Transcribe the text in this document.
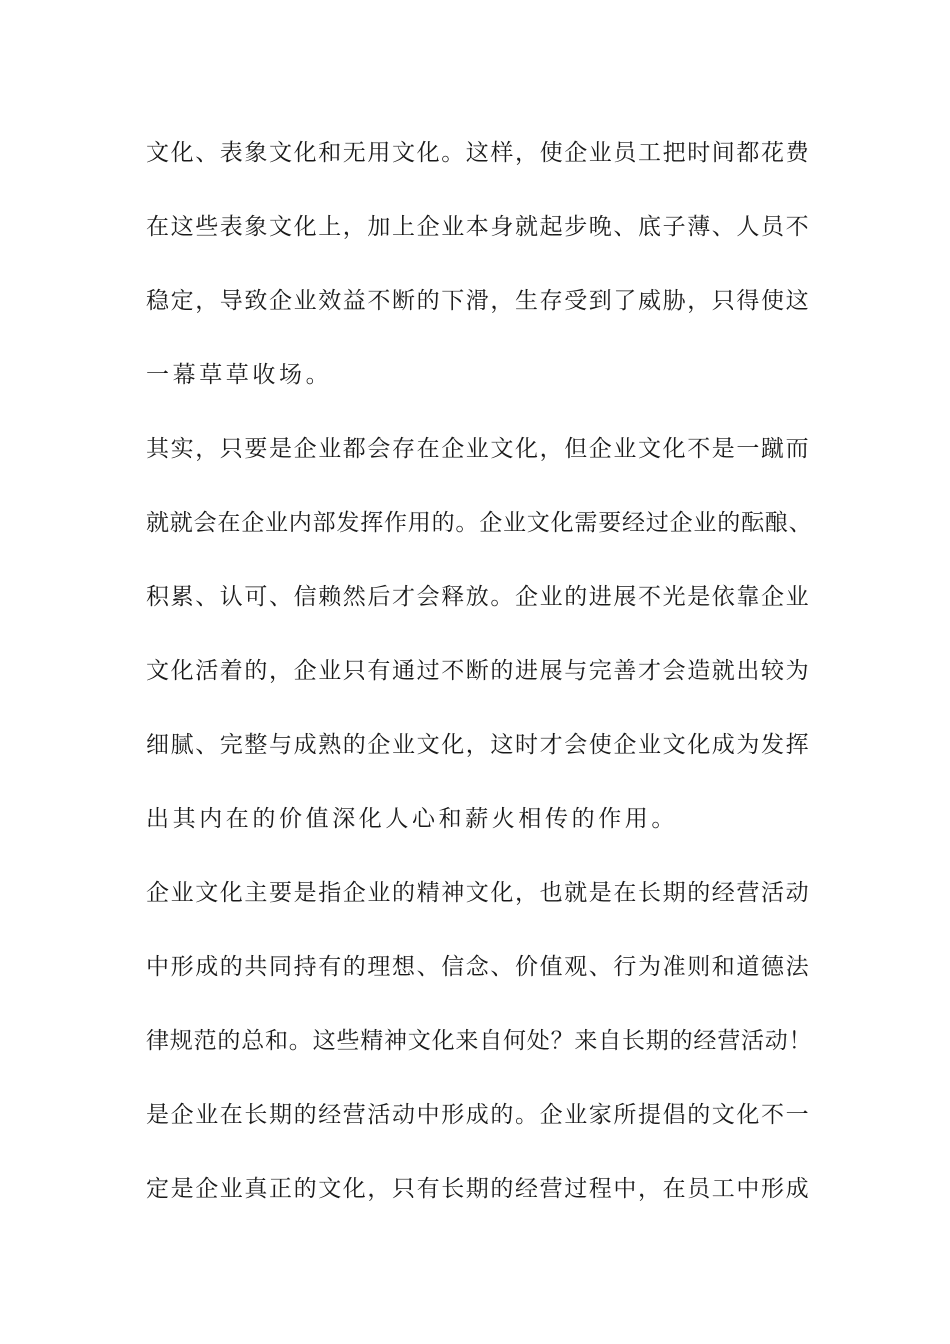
文化、表象文化和无用文化。这样，使企业员工把时间都花费
在这些表象文化上，加上企业本身就起步晚、底子薄、人员不
稳定，导致企业效益不断的下滑，生存受到了威胁，只得使这
一幕草草收场。
其实，只要是企业都会存在企业文化，但企业文化不是一蹴而
就就会在企业内部发挥作用的。企业文化需要经过企业的酝酿、
积累、认可、信赖然后才会释放。企业的进展不光是依靠企业
文化活着的，企业只有通过不断的进展与完善才会造就出较为
细腻、完整与成熟的企业文化，这时才会使企业文化成为发挥
出其内在的价值深化人心和薪火相传的作用。
企业文化主要是指企业的精神文化，也就是在长期的经营活动
中形成的共同持有的理想、信念、价值观、行为准则和道德法
律规范的总和。这些精神文化来自何处？来自长期的经营活动！
是企业在长期的经营活动中形成的。企业家所提倡的文化不一
定是企业真正的文化，只有长期的经营过程中，在员工中形成
